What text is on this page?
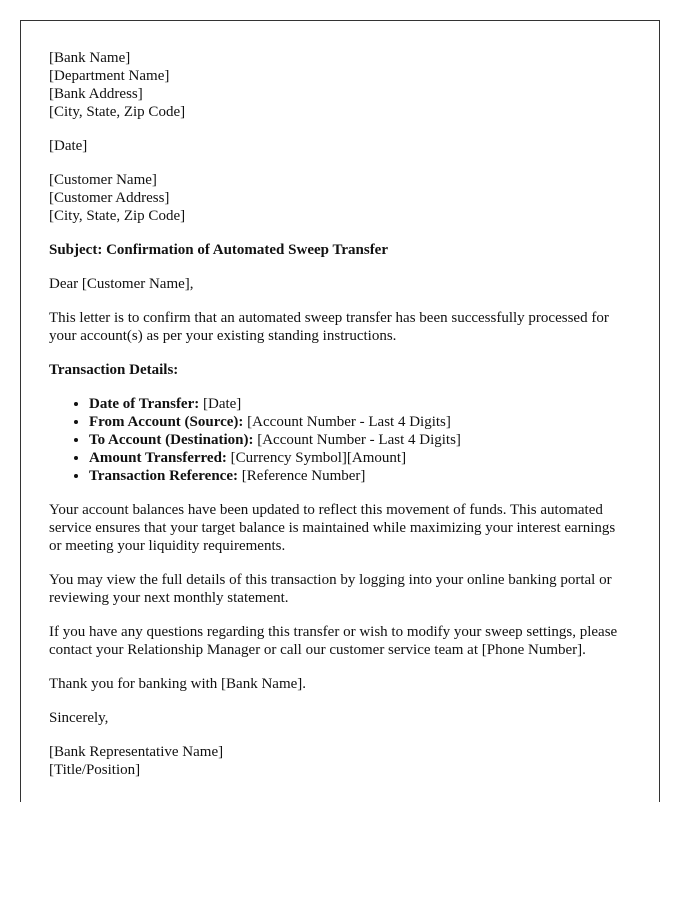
[Bank Name]
[Department Name]
[Bank Address]
[City, State, Zip Code]

[Date]

[Customer Name]
[Customer Address]
[City, State, Zip Code]

Subject: Confirmation of Automated Sweep Transfer

Dear [Customer Name],

This letter is to confirm that an automated sweep transfer has been successfully processed for your account(s) as per your existing standing instructions.

Transaction Details:

• Date of Transfer: [Date]
• From Account (Source): [Account Number - Last 4 Digits]
• To Account (Destination): [Account Number - Last 4 Digits]
• Amount Transferred: [Currency Symbol][Amount]
• Transaction Reference: [Reference Number]

Your account balances have been updated to reflect this movement of funds. This automated service ensures that your target balance is maintained while maximizing your interest earnings or meeting your liquidity requirements.

You may view the full details of this transaction by logging into your online banking portal or reviewing your next monthly statement.

If you have any questions regarding this transfer or wish to modify your sweep settings, please contact your Relationship Manager or call our customer service team at [Phone Number].

Thank you for banking with [Bank Name].

Sincerely,

[Bank Representative Name]
[Title/Position]
